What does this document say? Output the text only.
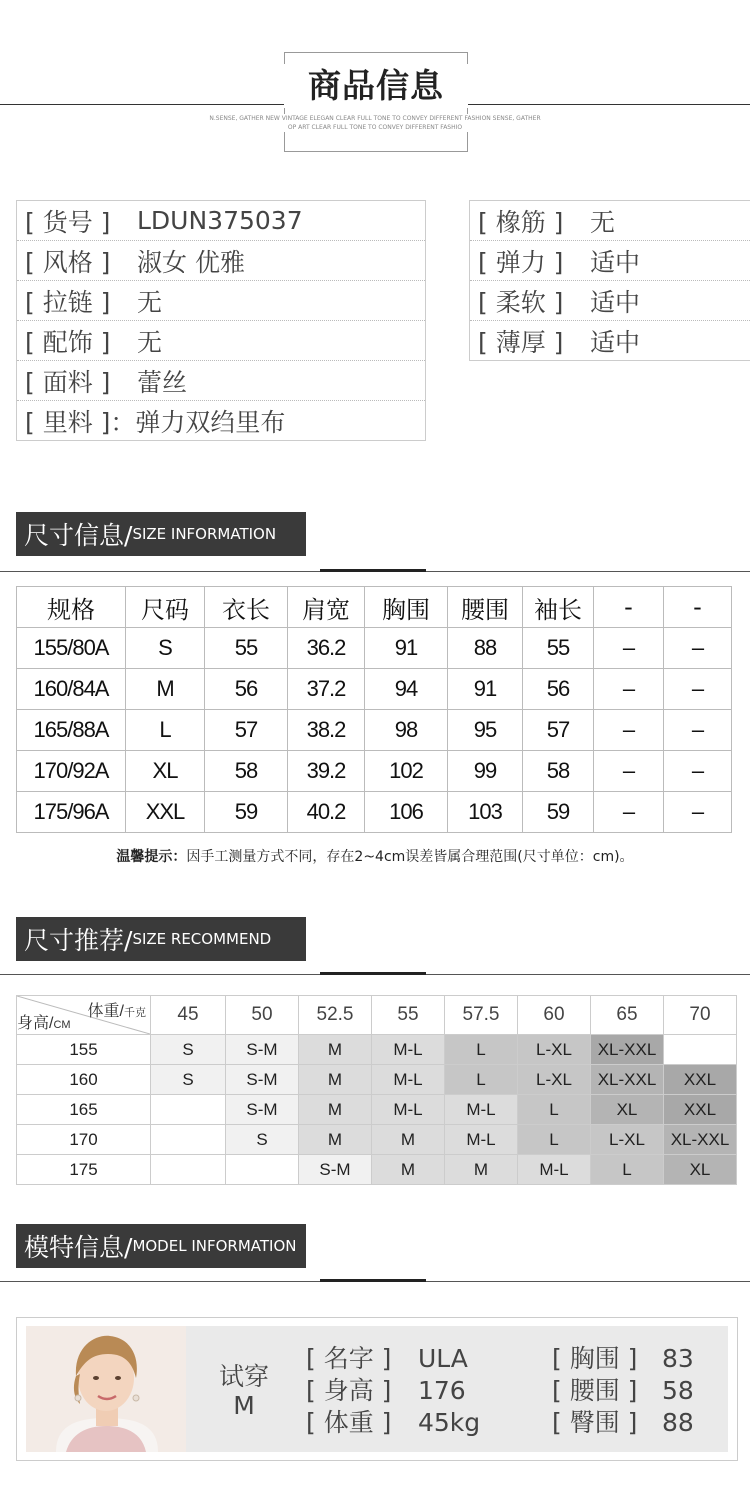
商品信息
N.SENSE, GATHER NEW VINTAGE ELEGAN CLEAR FULL TONE TO CONVEY DIFFERENT FASHION SENSE, GATHER
OP ART CLEAR FULL TONE TO CONVEY DIFFERENT FASHIO
[ 货号 ]	LDUN375037
[ 风格 ]	淑女 优雅
[ 拉链 ]	无
[ 配饰 ]	无
[ 面料 ]	蕾丝
[ 里料 ] ：弹力双绉里布
[ 橡筋 ]	无
[ 弹力 ]	适中
[ 柔软 ]	适中
[ 薄厚 ]	适中
尺寸信息/ SIZE INFORMATION
规格	尺码	衣长	肩宽	胸围	腰围	袖长	-	-
155/80A	S	55	36.2	91	88	55	–	–
160/84A	M	56	37.2	94	91	56	–	–
165/88A	L	57	38.2	98	95	57	–	–
170/92A	XL	58	39.2	102	99	58	–	–
175/96A	XXL	59	40.2	106	103	59	–	–
温馨提示：因手工测量方式不同，存在2~4cm误差皆属合理范围(尺寸单位：cm)。
尺寸推荐/ SIZE RECOMMEND
体重/千克
身高/CM	45	50	52.5	55	57.5	60	65	70
155	S	S-M	M	M-L	L	L-XL	XL-XXL	
160	S	S-M	M	M-L	L	L-XL	XL-XXL	XXL
165		S-M	M	M-L	M-L	L	XL	XXL
170		S	M	M	M-L	L	L-XL	XL-XXL
175			S-M	M	M	M-L	L	XL
模特信息/ MODEL INFORMATION
试穿
M
[ 名字 ] ULA
[ 身高 ] 176
[ 体重 ] 45kg
[ 胸围 ] 83
[ 腰围 ] 58
[ 臀围 ] 88
